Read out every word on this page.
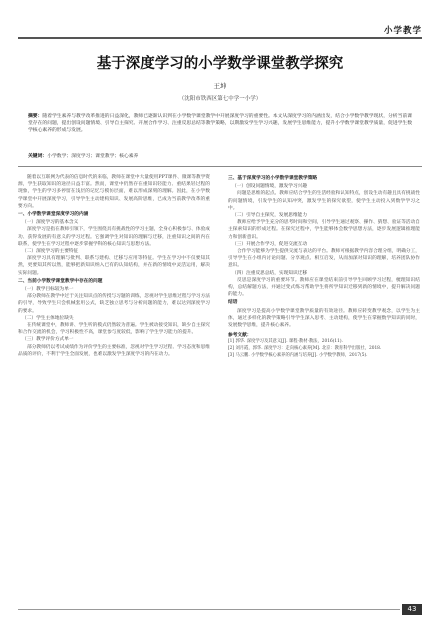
小学教学
基于深度学习的小学数学课堂教学探究
王坤
（沈阳市铁西区第七中学一小学）
摘要：随着学生素养与教学改革推进的日益深化，教师已逐渐认识到在小学数学课堂教学中开展深度学习的重要性。本文从深度学习的内涵出发，结合小学数学教学现状，分析当前课堂存在的问题，提出创设问题情境、引导自主探究、开展合作学习、注重反思总结等教学策略，以期激发学生学习兴趣，发展学生思维能力，提升小学数学课堂教学质量，促进学生数学核心素养的形成与发展。
关键词：小学数学；深度学习；课堂教学；核心素养

随着以互联网为代表的信息时代的来临，教师在课堂中大量使用PPT课件、微课等教学资源，学生获取知识的途径日益丰富。然而，课堂中仍然存在重知识轻能力、重结果轻过程的现象，学生的学习多停留在浅层的记忆与模仿层面，难以形成深刻的理解。因此，在小学数学课堂中开展深度学习，引导学生主动建构知识、发展高阶思维，已成为当前教学改革的重要方向。

一、小学数学课堂深度学习的内涵

（一）深度学习的基本含义

深度学习是指在教师引领下，学生围绕具有挑战性的学习主题，全身心积极参与、体验成功、获得发展的有意义的学习过程。它强调学生对知识的理解与迁移，注重知识之间的内在联系，使学生在学习过程中逐步掌握学科的核心知识与思想方法。

（二）深度学习的主要特征

深度学习具有理解与批判、联系与建构、迁移与应用等特征。学生在学习中不仅要知其然，更要知其所以然，能够把新知识纳入已有的认知结构，并在新的情境中灵活运用，解决实际问题。

二、当前小学数学课堂教学中存在的问题

（一）教学目标较为单一

部分教师在教学中过于关注知识点的传授与习题的训练，忽视对学生思维过程与学习方法的引导，导致学生只会机械套用公式，缺乏独立思考与分析问题的能力，难以达到深度学习的要求。

（二）学生主体地位缺失

在传统课堂中，教师讲、学生听的模式仍然较为普遍。学生被动接受知识，缺少自主探究和合作交流的机会，学习积极性不高，课堂参与度较低，影响了学生学习能力的提升。

（三）教学评价方式单一

部分教师仍以考试成绩作为评价学生的主要标准，忽视对学生学习过程、学习态度和思维品质的评价，不利于学生全面发展，也难以激发学生深度学习的内在动力。

三、基于深度学习的小学数学课堂教学策略

（一）创设问题情境，激发学习兴趣

问题是思维的起点。教师应结合学生的生活经验和认知特点，创设生动有趣且具有挑战性的问题情境，引发学生的认知冲突，激发学生的探究欲望，使学生主动投入到数学学习之中。

（二）引导自主探究，发展思维能力

教师应给予学生充分的思考时间和空间，引导学生通过观察、操作、猜想、验证等活动自主探索知识的形成过程。在探究过程中，学生能够体会数学思想方法，逐步发展逻辑推理能力和创新意识。

（三）开展合作学习，促进交流互动

合作学习能够为学生提供交流与表达的平台。教师可根据教学内容合理分组，明确分工，引导学生在小组内讨论问题、分享观点、相互启发，从而加深对知识的理解，培养团队协作意识。

（四）注重反思总结，实现知识迁移

反思是深度学习的重要环节。教师应在课堂结束前引导学生回顾学习过程，梳理知识结构，总结解题方法，并通过变式练习帮助学生将所学知识迁移到新的情境中，提升解决问题的能力。

结语

深度学习是提高小学数学课堂教学质量的有效途径。教师应转变教学观念，以学生为主体，通过多样化的教学策略引导学生深入思考、主动建构，使学生在掌握数学知识的同时，发展数学思维，提升核心素养。

参考文献：

[1] 郭华. 深度学习及其意义[J]. 课程·教材·教法，2016(11).

[2] 刘月霞，郭华. 深度学习：走向核心素养[M]. 北京：教育科学出版社，2018.

[3] 马云鹏. 小学数学核心素养的内涵与培养[J]. 小学数学教师，2017(5).

43
